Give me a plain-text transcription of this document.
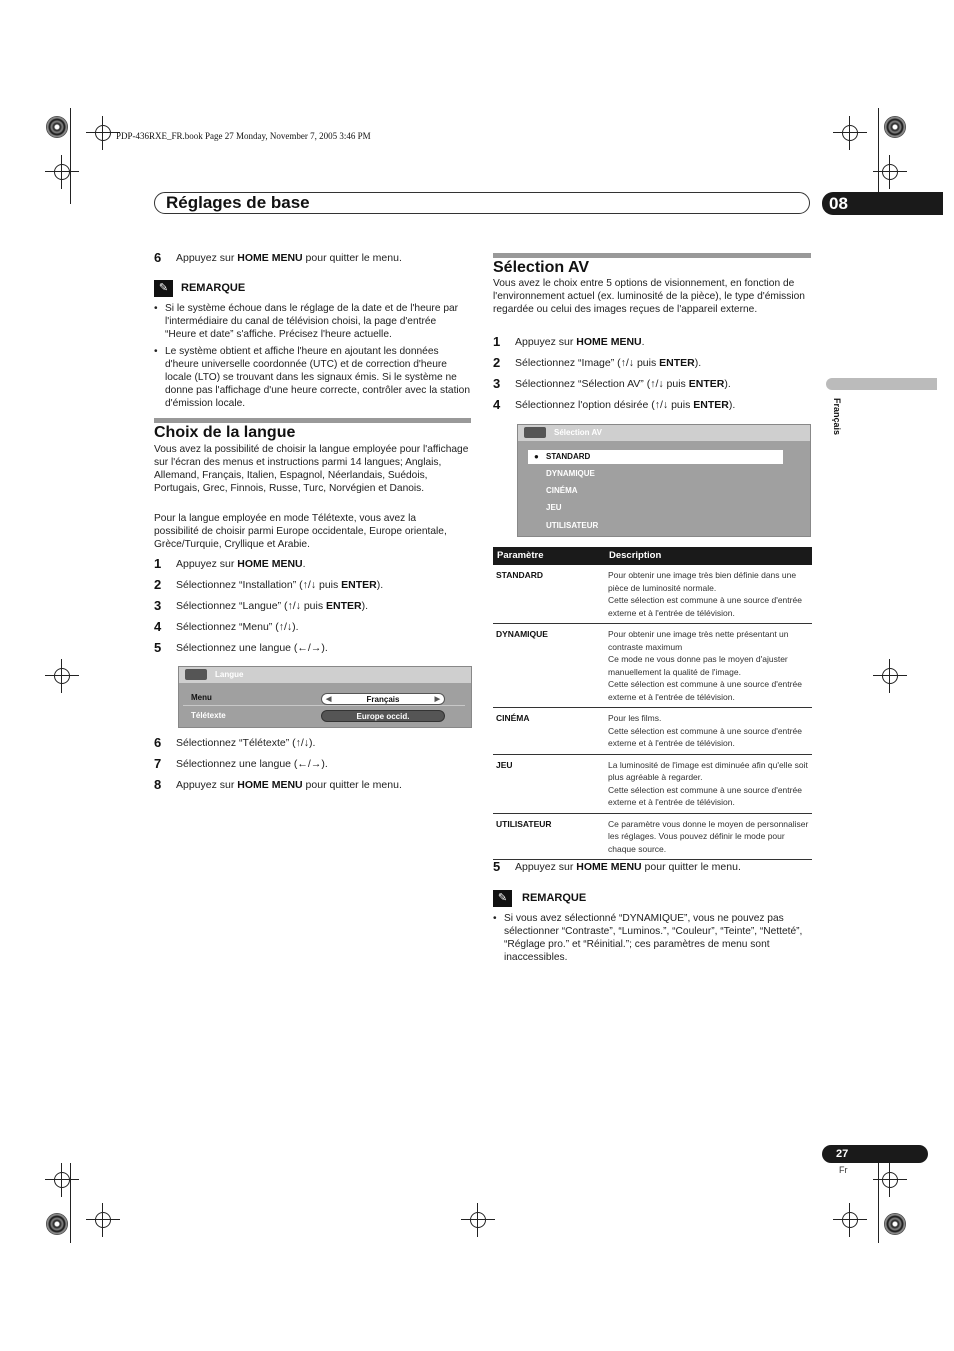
PDP-436RXE_FR.book Page 27 Monday, November 7, 2005 3:46 PM
Réglages de base	08
Français
6 Appuyez sur HOME MENU pour quitter le menu.
✎	REMARQUE
• Si le système échoue dans le réglage de la date et de l'heure par l'intermédiaire du canal de télévision choisi, la page d'entrée “Heure et date” s'affiche. Précisez l'heure actuelle.
• Le système obtient et affiche l'heure en ajoutant les données d'heure universelle coordonnée (UTC) et de correction d'heure locale (LTO) se trouvant dans les signaux émis. Si le système ne donne pas l'affichage d'une heure correcte, contrôler avec la station d'émission locale.
Choix de la langue
Vous avez la possibilité de choisir la langue employée pour l'affichage sur l'écran des menus et instructions parmi 14 langues; Anglais, Allemand, Français, Italien, Espagnol, Néerlandais, Suédois, Portugais, Grec, Finnois, Russe, Turc, Norvégien et Danois.
Pour la langue employée en mode Télétexte, vous avez la possibilité de choisir parmi Europe occidentale, Europe orientale, Grèce/Turquie, Cryllique et Arabie.
1 Appuyez sur HOME MENU.
2 Sélectionnez “Installation” (↑/↓ puis ENTER).
3 Sélectionnez “Langue” (↑/↓ puis ENTER).
4 Sélectionnez “Menu” (↑/↓).
5 Sélectionnez une langue (←/→).
Langue
Menu	◀	Français	▶
Télétexte	Europe occid.
6 Sélectionnez “Télétexte” (↑/↓).
7 Sélectionnez une langue (←/→).
8 Appuyez sur HOME MENU pour quitter le menu.
Sélection AV
Vous avez le choix entre 5 options de visionnement, en fonction de l'environnement actuel (ex. luminosité de la pièce), le type d'émission regardée ou celui des images reçues de l'appareil externe.
1 Appuyez sur HOME MENU.
2 Sélectionnez “Image” (↑/↓ puis ENTER).
3 Sélectionnez “Sélection AV” (↑/↓ puis ENTER).
4 Sélectionnez l'option désirée (↑/↓ puis ENTER).
Sélection AV
● STANDARD
DYNAMIQUE
CINÉMA
JEU
UTILISATEUR
Paramètre	Description
STANDARD	Pour obtenir une image très bien définie dans une pièce de luminosité normale.
Cette sélection est commune à une source d'entrée externe et à l'entrée de télévision.

DYNAMIQUE	Pour obtenir une image très nette présentant un contraste maximum
Ce mode ne vous donne pas le moyen d'ajuster manuellement la qualité de l'image.
Cette sélection est commune à une source d'entrée externe et à l'entrée de télévision.

CINÉMA	Pour les films.
Cette sélection est commune à une source d'entrée externe et à l'entrée de télévision.

JEU	La luminosité de l'image est diminuée afin qu'elle soit plus agréable à regarder.
Cette sélection est commune à une source d'entrée externe et à l'entrée de télévision.

UTILISATEUR	Ce paramètre vous donne le moyen de personnaliser les réglages. Vous pouvez définir le mode pour chaque source.
5 Appuyez sur HOME MENU pour quitter le menu.
✎	REMARQUE
• Si vous avez sélectionné “DYNAMIQUE”, vous ne pouvez pas sélectionner “Contraste”, “Luminos.”, “Couleur”, “Teinte”, “Netteté”, “Réglage pro.” et “Réinitial.”; ces paramètres de menu sont inaccessibles.
27
Fr
